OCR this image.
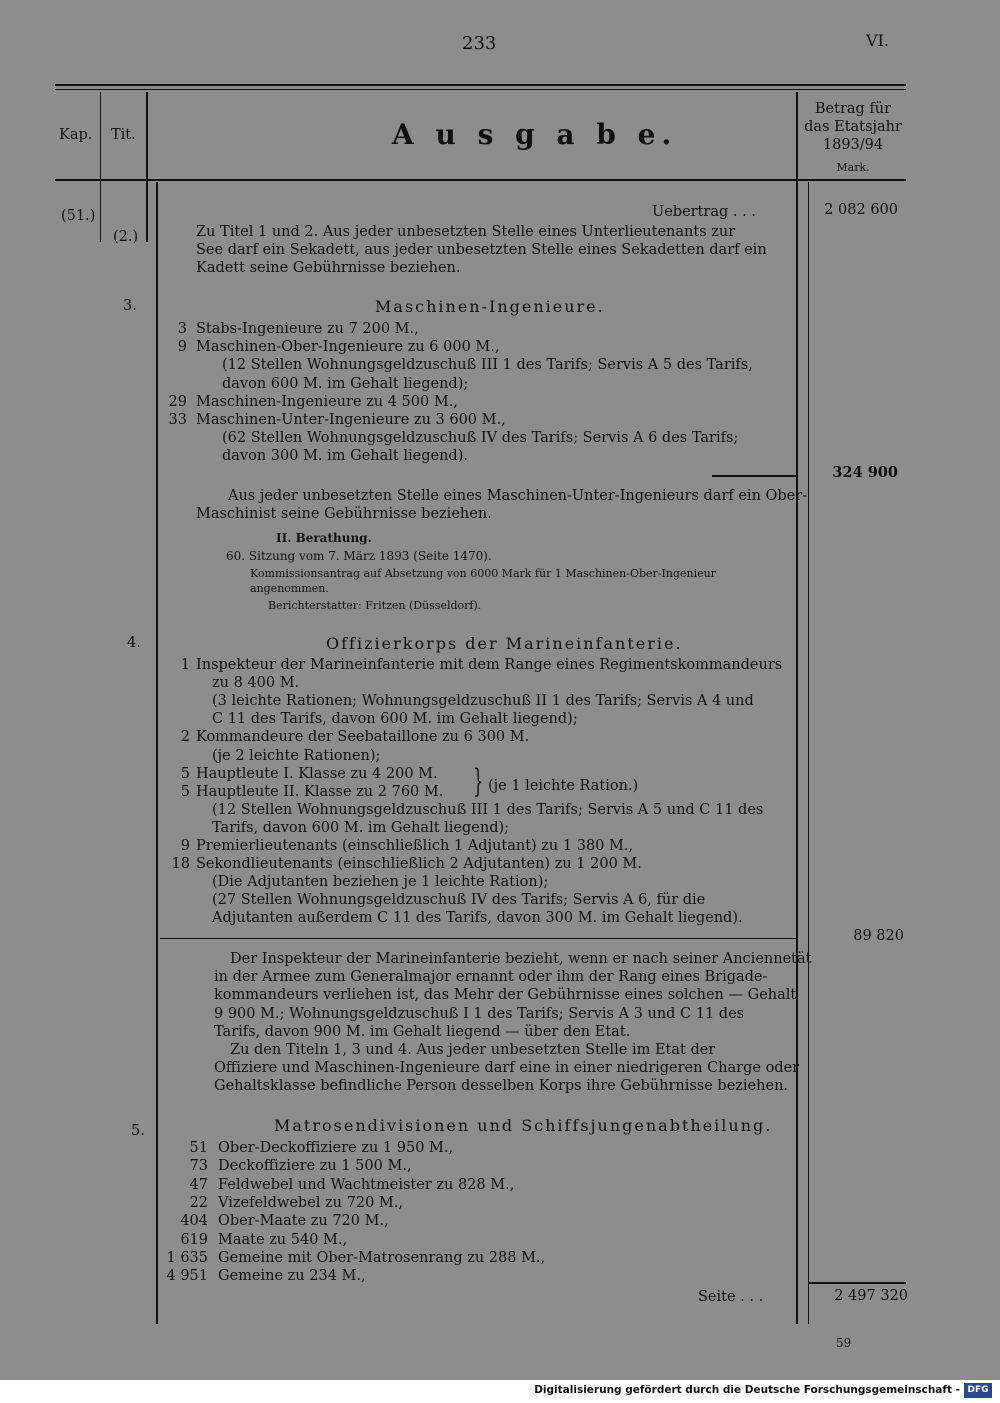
233	VI.
Kap. Tit.	A u s g a b e.
Betrag für
das Etatsjahr
1893/94
Mark.
(51.)	Uebertrag . . .	2 082 600
(2.)	Zu Titel 1 und 2. Aus jeder unbesetzten Stelle eines Unterlieutenants zur
See darf ein Sekadett, aus jeder unbesetzten Stelle eines Sekadetten darf ein
Kadett seine Gebührnisse beziehen.
3.	Maschinen-Ingenieure.
3 Stabs-Ingenieure zu 7 200 M.,
9 Maschinen-Ober-Ingenieure zu 6 000 M.,
(12 Stellen Wohnungsgeldzuschuß III 1 des Tarifs; Servis A 5 des Tarifs,
davon 600 M. im Gehalt liegend);
29 Maschinen-Ingenieure zu 4 500 M.,
33 Maschinen-Unter-Ingenieure zu 3 600 M.,
(62 Stellen Wohnungsgeldzuschuß IV des Tarifs; Servis A 6 des Tarifs;
davon 300 M. im Gehalt liegend).
324 900
Aus jeder unbesetzten Stelle eines Maschinen-Unter-Ingenieurs darf ein Ober-
Maschinist seine Gebührnisse beziehen.
II. Berathung.
60. Sitzung vom 7. März 1893 (Seite 1470).
Kommissionsantrag auf Absetzung von 6000 Mark für 1 Maschinen-Ober-Ingenieur
angenommen.
Berichterstatter: Fritzen (Düsseldorf).
4.	Offizierkorps der Marineinfanterie.
1 Inspekteur der Marineinfanterie mit dem Range eines Regimentskommandeurs
zu 8 400 M.
(3 leichte Rationen; Wohnungsgeldzuschuß II 1 des Tarifs; Servis A 4 und
C 11 des Tarifs, davon 600 M. im Gehalt liegend);
2 Kommandeure der Seebataillone zu 6 300 M.
(je 2 leichte Rationen);
5 Hauptleute I. Klasse zu 4 200 M.
5 Hauptleute II. Klasse zu 2 760 M.
(12 Stellen Wohnungsgeldzuschuß III 1 des Tarifs; Servis A 5 und C 11 des
Tarifs, davon 600 M. im Gehalt liegend);
9 Premierlieutenants (einschließlich 1 Adjutant) zu 1 380 M.,
18 Sekondlieutenants (einschließlich 2 Adjutanten) zu 1 200 M.
(Die Adjutanten beziehen je 1 leichte Ration);
(27 Stellen Wohnungsgeldzuschuß IV des Tarifs; Servis A 6, für die
Adjutanten außerdem C 11 des Tarifs, davon 300 M. im Gehalt liegend).
} (je 1 leichte Ration.)
89 820
Der Inspekteur der Marineinfanterie bezieht, wenn er nach seiner Anciennetät
in der Armee zum Generalmajor ernannt oder ihm der Rang eines Brigade-
kommandeurs verliehen ist, das Mehr der Gebührnisse eines solchen — Gehalt
9 900 M.; Wohnungsgeldzuschuß I 1 des Tarifs; Servis A 3 und C 11 des
Tarifs, davon 900 M. im Gehalt liegend — über den Etat.
Zu den Titeln 1, 3 und 4. Aus jeder unbesetzten Stelle im Etat der
Offiziere und Maschinen-Ingenieure darf eine in einer niedrigeren Charge oder
Gehaltsklasse befindliche Person desselben Korps ihre Gebührnisse beziehen.
5.	Matrosendivisionen und Schiffsjungenabtheilung.
51 Ober-Deckoffiziere zu 1 950 M.,
73 Deckoffiziere zu 1 500 M.,
47 Feldwebel und Wachtmeister zu 828 M.,
22 Vizefeldwebel zu 720 M.,
404 Ober-Maate zu 720 M.,
619 Maate zu 540 M.,
1 635 Gemeine mit Ober-Matrosenrang zu 288 M.,
4 951 Gemeine zu 234 M.,
Seite . . .	2 497 320
59
Digitalisierung gefördert durch die Deutsche Forschungsgemeinschaft - DFG
